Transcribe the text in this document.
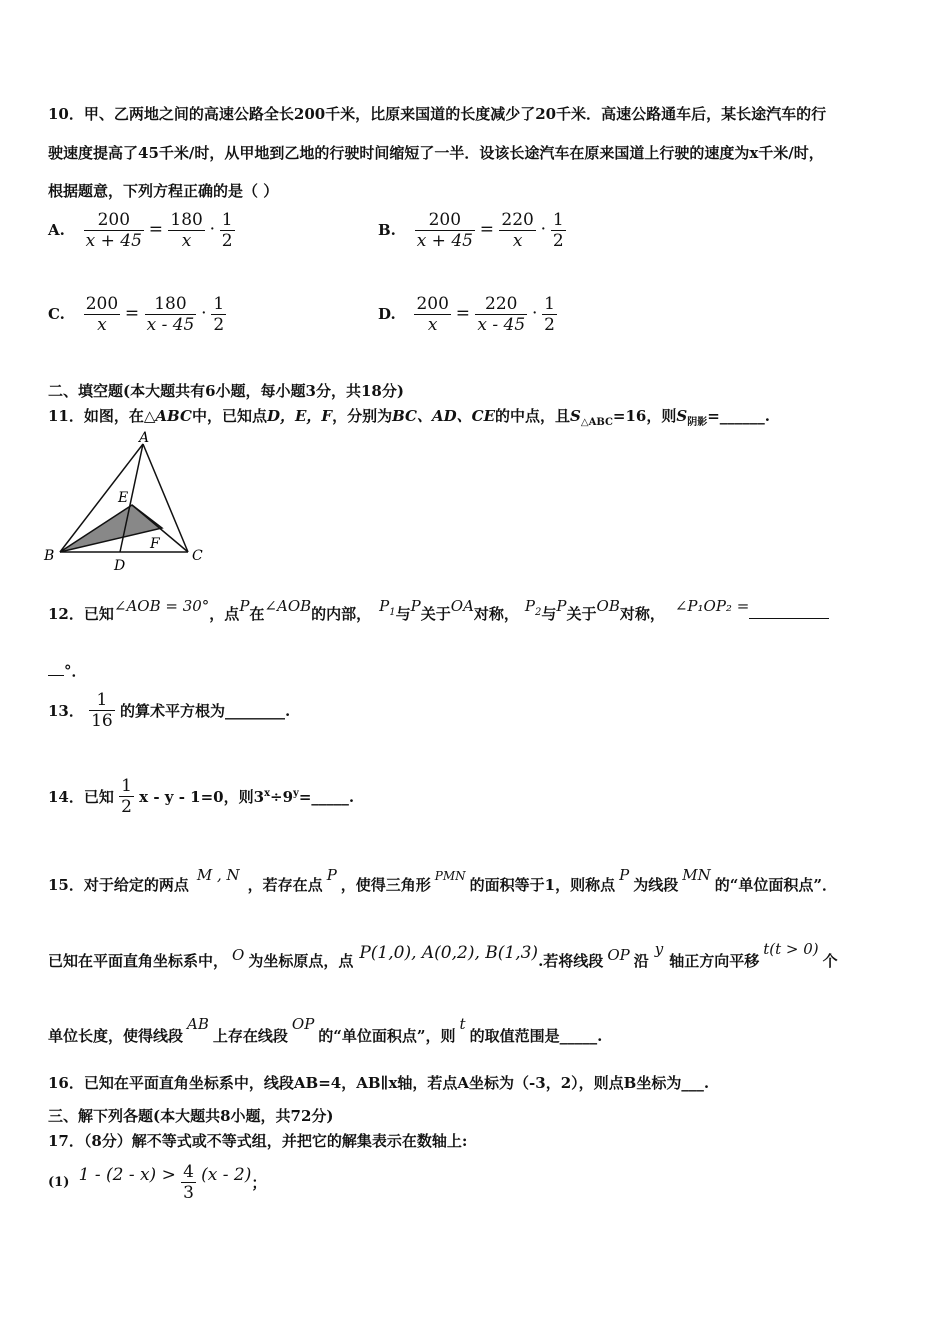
10．甲、乙两地之间的高速公路全长200千米，比原来国道的长度减少了20千米．高速公路通车后，某长途汽车的行
驶速度提高了45千米/时，从甲地到乙地的行驶时间缩短了一半．设该长途汽车在原来国道上行驶的速度为x千米/时，
根据题意，下列方程正确的是（ ）
A. $\frac{200}{x + 45} = \frac{180}{x} \cdot \frac{1}{2}$	B. $\frac{200}{x + 45} = \frac{220}{x} \cdot \frac{1}{2}$
C. $\frac{200}{x} = \frac{180}{x - 45} \cdot \frac{1}{2}$	D. $\frac{200}{x} = \frac{220}{x - 45} \cdot \frac{1}{2}$
二、填空题(本大题共有6小题，每小题3分，共18分)
11．如图，在△ABC中，已知点D，E，F，分别为BC、AD、CE的中点，且$S_{\triangle ABC}=16$，则$S_{阴影}=\_\_\_\_\_\_$.
A
B	C
D
E
F
12．已知∠AOB = 30°，点P在∠AOB的内部， $P_1$与P关于OA对称， $P_2$与P关于OB对称， ∠P₁OP₂ =
°．
13． $\frac{1}{16}$ 的算术平方根为________.
14．已知 $\frac{1}{2}$ x - y - 1=0，则$3^x\div 9^y=\_\_\_\_\_$.
15．对于给定的两点M , N，若存在点P，使得三角形 $^{PMN}$ 的面积等于1，则称点P为线段MN的“单位面积点”．
已知在平面直角坐标系中， O 为坐标原点，点 P(1,0), A(0,2), B(1,3).若将线段 OP 沿y轴正方向平移t(t > 0)个
单位长度，使得线段AB上存在线段OP的“单位面积点”，则t的取值范围是_____.
16．已知在平面直角坐标系中，线段AB=4，AB∥x轴，若点A坐标为（-3，2），则点B坐标为___.
三、解下列各题(本大题共8小题，共72分)
17．（8分）解不等式或不等式组，并把它的解集表示在数轴上:
(1) $1 - (2 - x) > \frac{4}{3} (x - 2)$；
